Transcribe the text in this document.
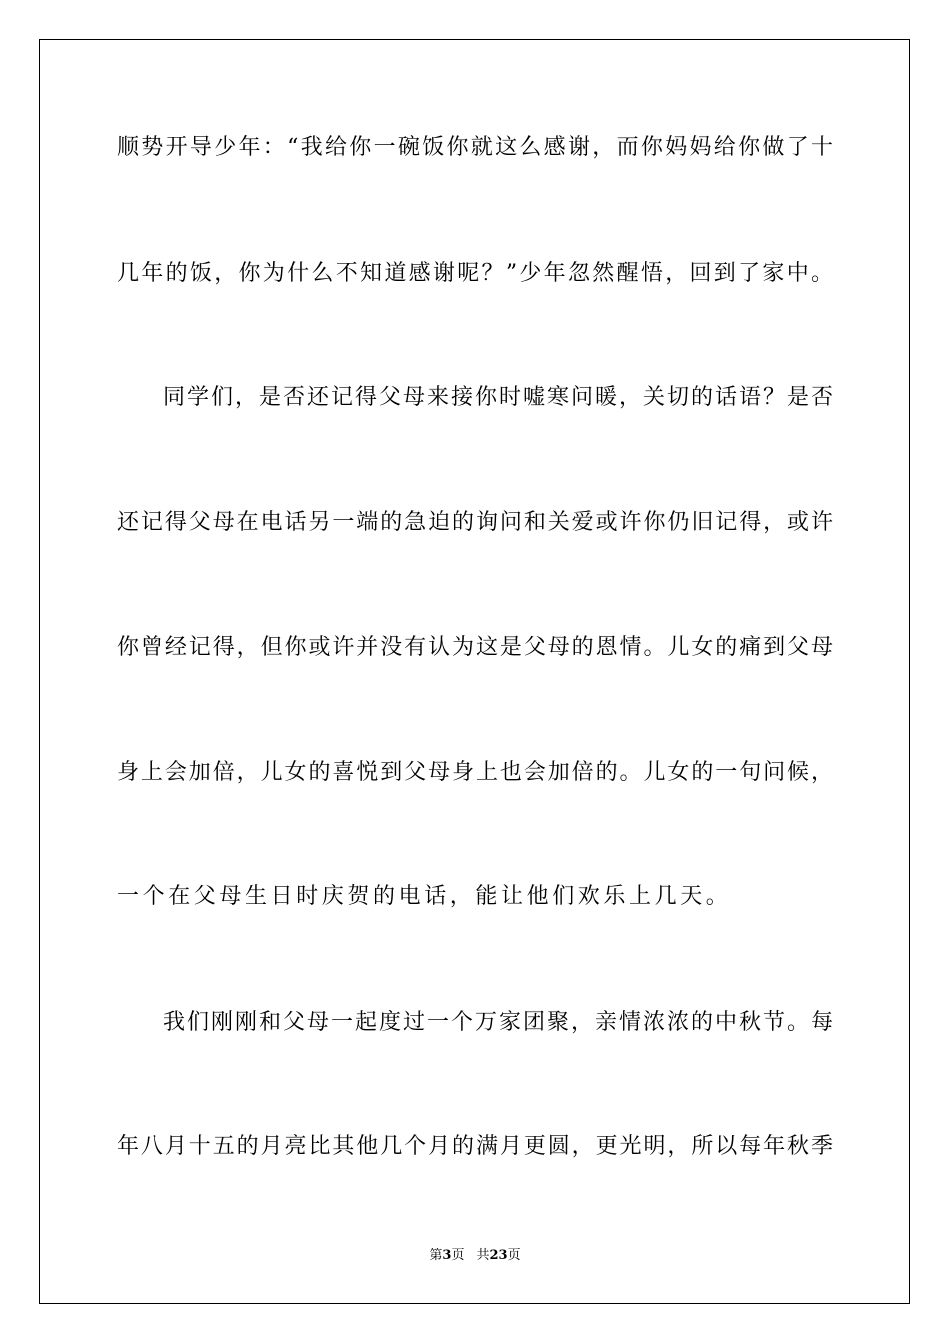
顺势开导少年：“我给你一碗饭你就这么感谢，而你妈妈给你做了十
几年的饭，你为什么不知道感谢呢？”少年忽然醒悟，回到了家中。
同学们，是否还记得父母来接你时嘘寒问暖，关切的话语？是否
还记得父母在电话另一端的急迫的询问和关爱或许你仍旧记得，或许
你曾经记得，但你或许并没有认为这是父母的恩情。儿女的痛到父母
身上会加倍，儿女的喜悦到父母身上也会加倍的。儿女的一句问候，
一个在父母生日时庆贺的电话，能让他们欢乐上几天。
我们刚刚和父母一起度过一个万家团聚，亲情浓浓的中秋节。每
年八月十五的月亮比其他几个月的满月更圆，更光明，所以每年秋季
第3页 共23页
